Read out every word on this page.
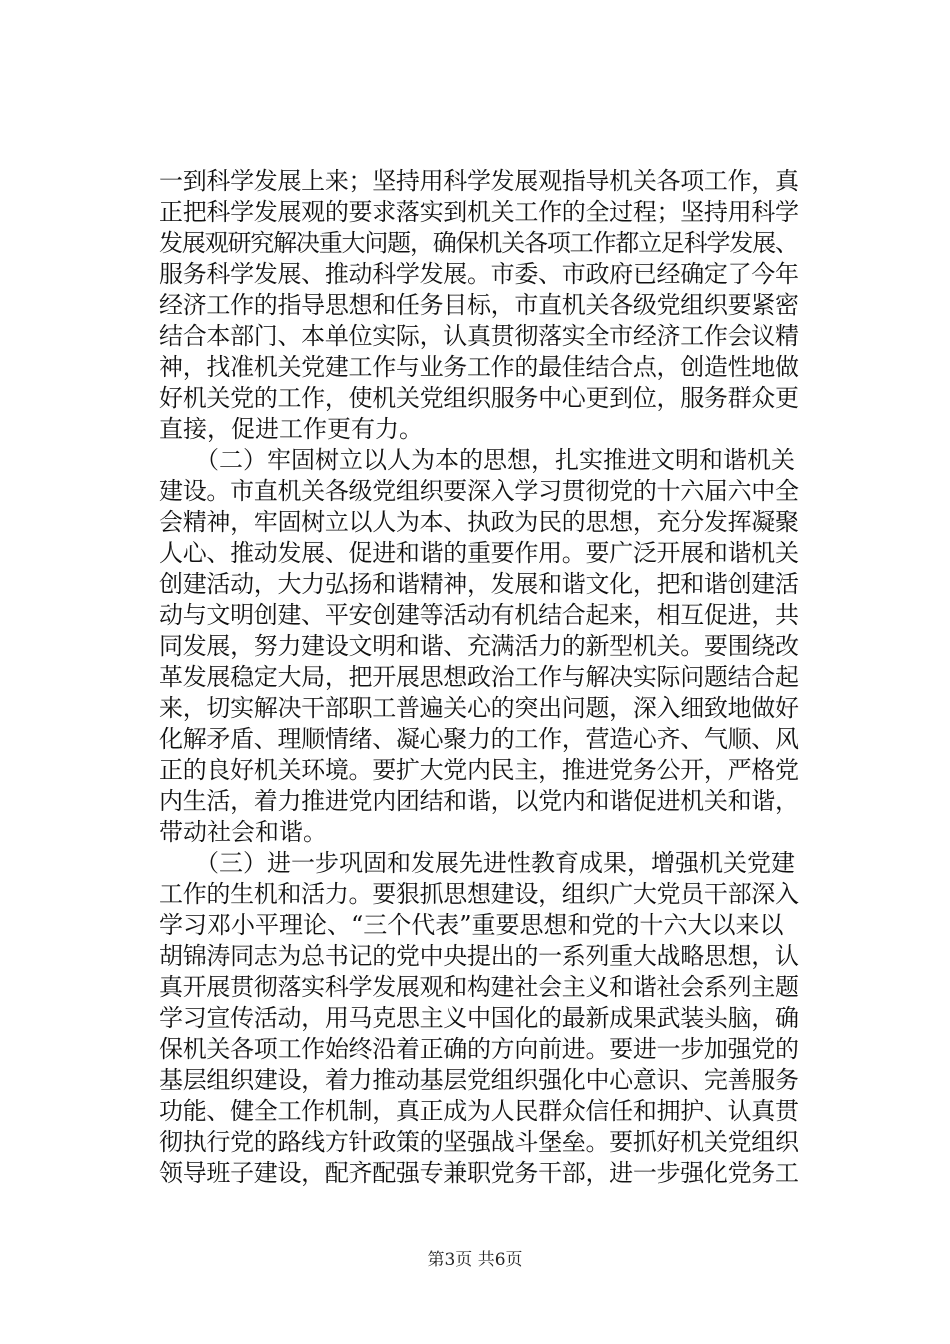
一到科学发展上来；坚持用科学发展观指导机关各项工作，真
正把科学发展观的要求落实到机关工作的全过程；坚持用科学
发展观研究解决重大问题，确保机关各项工作都立足科学发展、
服务科学发展、推动科学发展。市委、市政府已经确定了今年
经济工作的指导思想和任务目标，市直机关各级党组织要紧密
结合本部门、本单位实际，认真贯彻落实全市经济工作会议精
神，找准机关党建工作与业务工作的最佳结合点，创造性地做
好机关党的工作，使机关党组织服务中心更到位，服务群众更
直接，促进工作更有力。
　　（二）牢固树立以人为本的思想，扎实推进文明和谐机关
建设。市直机关各级党组织要深入学习贯彻党的十六届六中全
会精神，牢固树立以人为本、执政为民的思想，充分发挥凝聚
人心、推动发展、促进和谐的重要作用。要广泛开展和谐机关
创建活动，大力弘扬和谐精神，发展和谐文化，把和谐创建活
动与文明创建、平安创建等活动有机结合起来，相互促进，共
同发展，努力建设文明和谐、充满活力的新型机关。要围绕改
革发展稳定大局，把开展思想政治工作与解决实际问题结合起
来，切实解决干部职工普遍关心的突出问题，深入细致地做好
化解矛盾、理顺情绪、凝心聚力的工作，营造心齐、气顺、风
正的良好机关环境。要扩大党内民主，推进党务公开，严格党
内生活，着力推进党内团结和谐，以党内和谐促进机关和谐，
带动社会和谐。
　　（三）进一步巩固和发展先进性教育成果，增强机关党建
工作的生机和活力。要狠抓思想建设，组织广大党员干部深入
学习邓小平理论、“三个代表”重要思想和党的十六大以来以
胡锦涛同志为总书记的党中央提出的一系列重大战略思想，认
真开展贯彻落实科学发展观和构建社会主义和谐社会系列主题
学习宣传活动，用马克思主义中国化的最新成果武装头脑，确
保机关各项工作始终沿着正确的方向前进。要进一步加强党的
基层组织建设，着力推动基层党组织强化中心意识、完善服务
功能、健全工作机制，真正成为人民群众信任和拥护、认真贯
彻执行党的路线方针政策的坚强战斗堡垒。要抓好机关党组织
领导班子建设，配齐配强专兼职党务干部，进一步强化党务工
第3页 共6页
